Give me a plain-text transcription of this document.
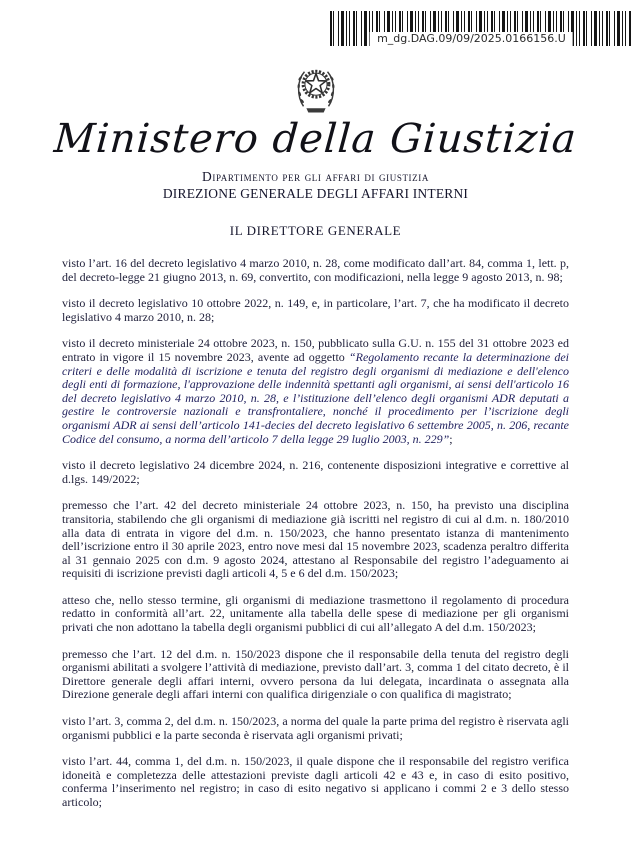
m_dg.DAG.09/09/2025.0166156.U
Ministero della Giustizia
Dipartimento per gli affari di giustizia
DIREZIONE GENERALE DEGLI AFFARI INTERNI
IL DIRETTORE GENERALE

visto l’art. 16 del decreto legislativo 4 marzo 2010, n. 28, come modificato dall’art. 84, comma 1, lett. p, del decreto-legge 21 giugno 2013, n. 69, convertito, con modificazioni, nella legge 9 agosto 2013, n. 98;

visto il decreto legislativo 10 ottobre 2022, n. 149, e, in particolare, l’art. 7, che ha modificato il decreto legislativo 4 marzo 2010, n. 28;

visto il decreto ministeriale 24 ottobre 2023, n. 150, pubblicato sulla G.U. n. 155 del 31 ottobre 2023 ed entrato in vigore il 15 novembre 2023, avente ad oggetto “Regolamento recante la determinazione dei criteri e delle modalità di iscrizione e tenuta del registro degli organismi di mediazione e dell'elenco degli enti di formazione, l'approvazione delle indennità spettanti agli organismi, ai sensi dell'articolo 16 del decreto legislativo 4 marzo 2010, n. 28, e l’istituzione dell’elenco degli organismi ADR deputati a gestire le controversie nazionali e transfrontaliere, nonché il procedimento per l’iscrizione degli organismi ADR ai sensi dell’articolo 141-decies del decreto legislativo 6 settembre 2005, n. 206, recante Codice del consumo, a norma dell’articolo 7 della legge 29 luglio 2003, n. 229”;

visto il decreto legislativo 24 dicembre 2024, n. 216, contenente disposizioni integrative e correttive al d.lgs. 149/2022;

premesso che l’art. 42 del decreto ministeriale 24 ottobre 2023, n. 150, ha previsto una disciplina transitoria, stabilendo che gli organismi di mediazione già iscritti nel registro di cui al d.m. n. 180/2010 alla data di entrata in vigore del d.m. n. 150/2023, che hanno presentato istanza di mantenimento dell’iscrizione entro il 30 aprile 2023, entro nove mesi dal 15 novembre 2023, scadenza peraltro differita al 31 gennaio 2025 con d.m. 9 agosto 2024, attestano al Responsabile del registro l’adeguamento ai requisiti di iscrizione previsti dagli articoli 4, 5 e 6 del d.m. 150/2023;

atteso che, nello stesso termine, gli organismi di mediazione trasmettono il regolamento di procedura redatto in conformità all’art. 22, unitamente alla tabella delle spese di mediazione per gli organismi privati che non adottano la tabella degli organismi pubblici di cui all’allegato A del d.m. 150/2023;

premesso che l’art. 12 del d.m. n. 150/2023 dispone che il responsabile della tenuta del registro degli organismi abilitati a svolgere l’attività di mediazione, previsto dall’art. 3, comma 1 del citato decreto, è il Direttore generale degli affari interni, ovvero persona da lui delegata, incardinata o assegnata alla Direzione generale degli affari interni con qualifica dirigenziale o con qualifica di magistrato;

visto l’art. 3, comma 2, del d.m. n. 150/2023, a norma del quale la parte prima del registro è riservata agli organismi pubblici e la parte seconda è riservata agli organismi privati;

visto l’art. 44, comma 1, del d.m. n. 150/2023, il quale dispone che il responsabile del registro verifica idoneità e completezza delle attestazioni previste dagli articoli 42 e 43 e, in caso di esito positivo, conferma l’inserimento nel registro; in caso di esito negativo si applicano i commi 2 e 3 dello stesso articolo;
